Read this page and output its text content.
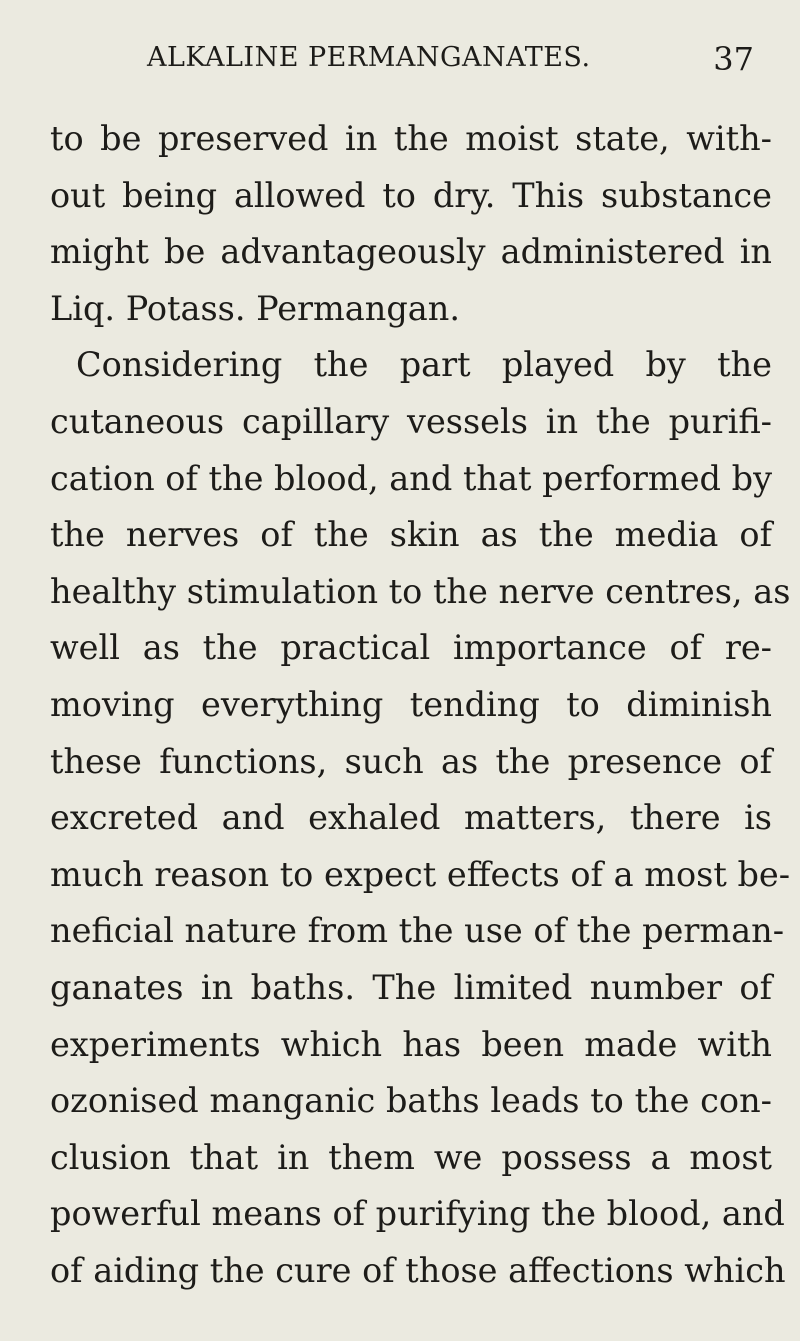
ALKALINE PERMANGANATES.	37
to be preserved in the moist state, with-
out being allowed to dry. This substance
might be advantageously administered in
Liq. Potass. Permangan.
Considering the part played by the
cutaneous capillary vessels in the purifi-
cation of the blood, and that performed by
the nerves of the skin as the media of
healthy stimulation to the nerve centres, as
well as the practical importance of re-
moving everything tending to diminish
these functions, such as the presence of
excreted and exhaled matters, there is
much reason to expect effects of a most be-
neficial nature from the use of the perman-
ganates in baths. The limited number of
experiments which has been made with
ozonised manganic baths leads to the con-
clusion that in them we possess a most
powerful means of purifying the blood, and
of aiding the cure of those affections which
